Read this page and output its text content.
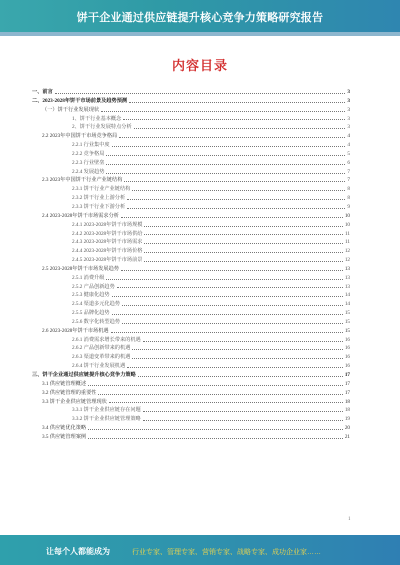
饼干企业通过供应链提升核心竞争力策略研究报告
内容目录
一、前言	3
二、2023-2028年饼干市场前景及趋势预测	3
（一）饼干行业发展现状	3
1、饼干行业基本概念	3
2、饼干行业发展特点分析	3
2.2 2023年中国饼干市场竞争格局	4
2.2.1 行业集中度	4
2.2.2 竞争格局	5
2.2.3 行业壁垒	6
2.2.4 发展趋势	7
2.3 2023年中国饼干行业产业链结构	7
2.3.1 饼干行业产业链结构	8
2.3.2 饼干行业上游分析	8
2.3.3 饼干行业下游分析	9
2.4 2023-2028年饼干市场需求分析	10
2.4.1 2023-2028年饼干市场规模	10
2.4.2 2023-2028年饼干市场供给	11
2.4.3 2023-2028年饼干市场需求	11
2.4.4 2023-2028年饼干市场价格	12
2.4.5 2023-2028年饼干市场前景	12
2.5 2023-2028年饼干市场发展趋势	13
2.5.1 消费升级	13
2.5.2 产品创新趋势	13
2.5.3 健康化趋势	14
2.5.4 渠道多元化趋势	14
2.5.5 品牌化趋势	15
2.5.6 数字化转型趋势	15
2.6 2023-2028年饼干市场机遇	15
2.6.1 消费需求增长带来的机遇	16
2.6.2 产品创新带来的机遇	16
2.6.3 渠道变革带来的机遇	16
2.6.4 饼干行业发展机遇	16
三、饼干企业通过供应链提升核心竞争力策略	17
3.1 供应链管理概述	17
3.2 供应链管理的重要性	17
3.3 饼干企业供应链管理现状	18
3.3.1 饼干企业供应链存在问题	18
3.3.2 饼干企业供应链管理策略	19
3.4 供应链优化策略	20
3.5 供应链管理案例	21
1
让每个人都能成为	行业专家、管理专家、营销专家、战略专家、成功企业家……
